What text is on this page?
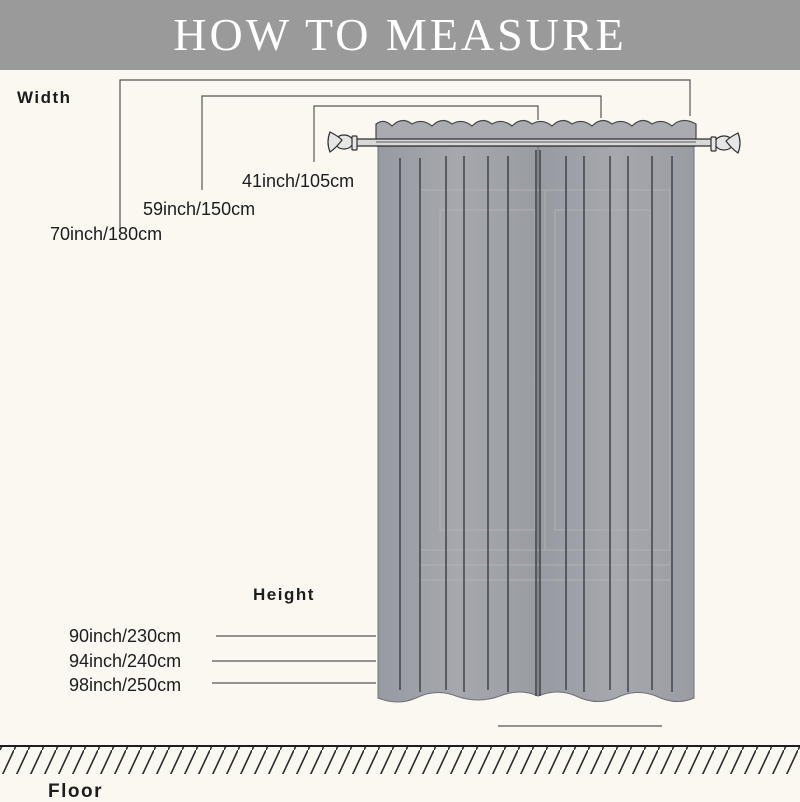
HOW TO MEASURE
Width
41inch/105cm
59inch/150cm
70inch/180cm
Height
90inch/230cm
94inch/240cm
98inch/250cm
Floor
